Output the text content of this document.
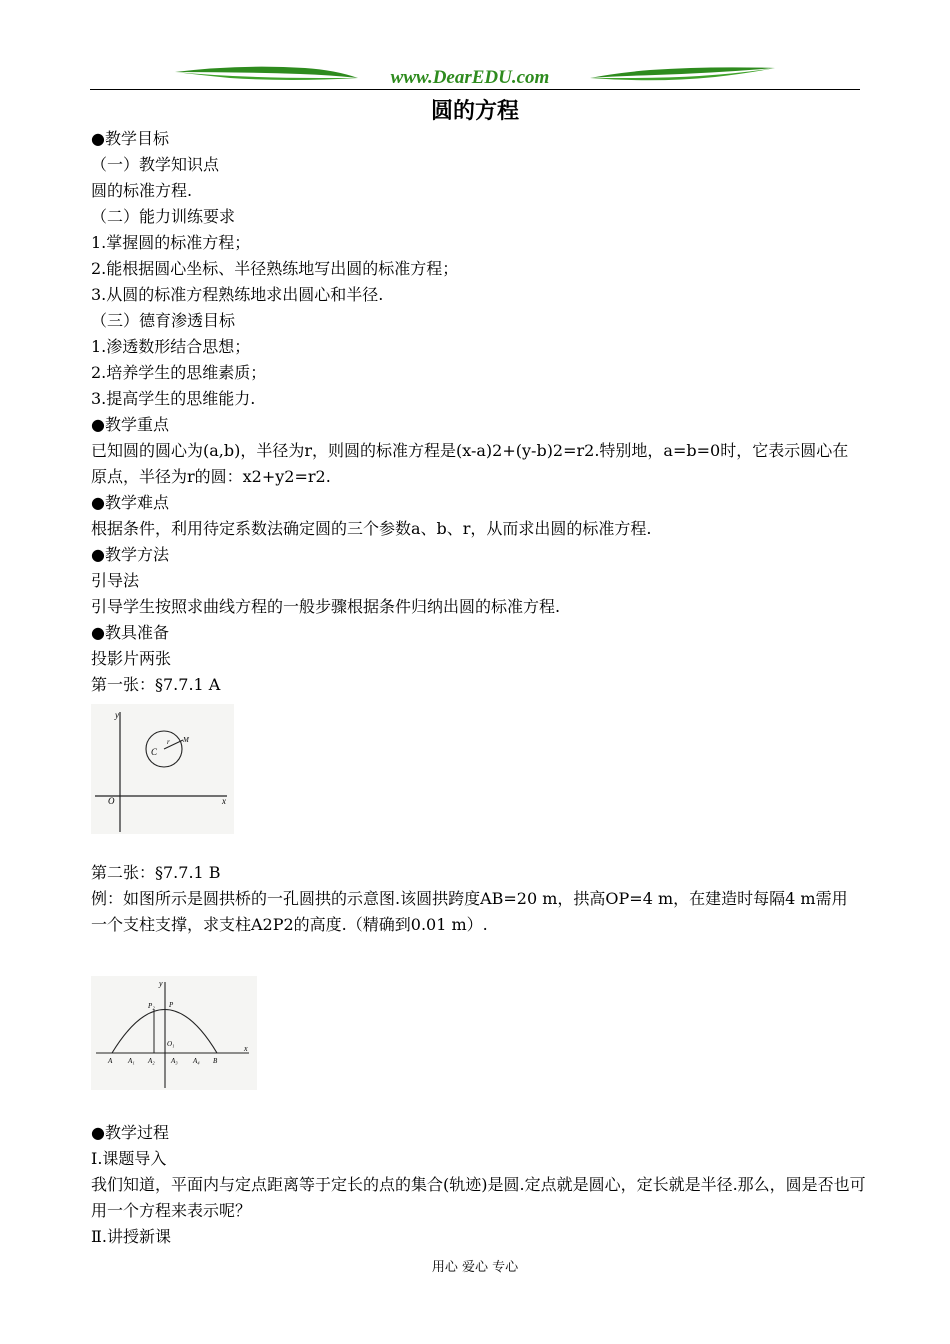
www.DearEDU.com
圆的方程
●教学目标
（一）教学知识点
圆的标准方程.
（二）能力训练要求
1.掌握圆的标准方程；
2.能根据圆心坐标、半径熟练地写出圆的标准方程；
3.从圆的标准方程熟练地求出圆心和半径.
（三）德育渗透目标
1.渗透数形结合思想；
2.培养学生的思维素质；
3.提高学生的思维能力.
●教学重点
已知圆的圆心为(a,b)，半径为r，则圆的标准方程是(x-a)2+(y-b)2=r2.特别地，a=b=0时，它表示圆心在原点，半径为r的圆：x2+y2=r2.
●教学难点
根据条件，利用待定系数法确定圆的三个参数a、b、r，从而求出圆的标准方程.
●教学方法
引导法
引导学生按照求曲线方程的一般步骤根据条件归纳出圆的标准方程.
●教具准备
投影片两张
第一张：§7.7.1 A
y
x
O
C
r M
第二张：§7.7.1 B
例：如图所示是圆拱桥的一孔圆拱的示意图.该圆拱跨度AB=20 m，拱高OP=4 m，在建造时每隔4 m需用一个支柱支撑，求支柱A2P2的高度.（精确到0.01 m）.
y
x
P₂ P
O₁
A A₁ A₂ A₃ A₄ B
●教学过程
Ⅰ.课题导入
我们知道，平面内与定点距离等于定长的点的集合(轨迹)是圆.定点就是圆心，定长就是半径.那么，圆是否也可用一个方程来表示呢？
Ⅱ.讲授新课
用心 爱心 专心
